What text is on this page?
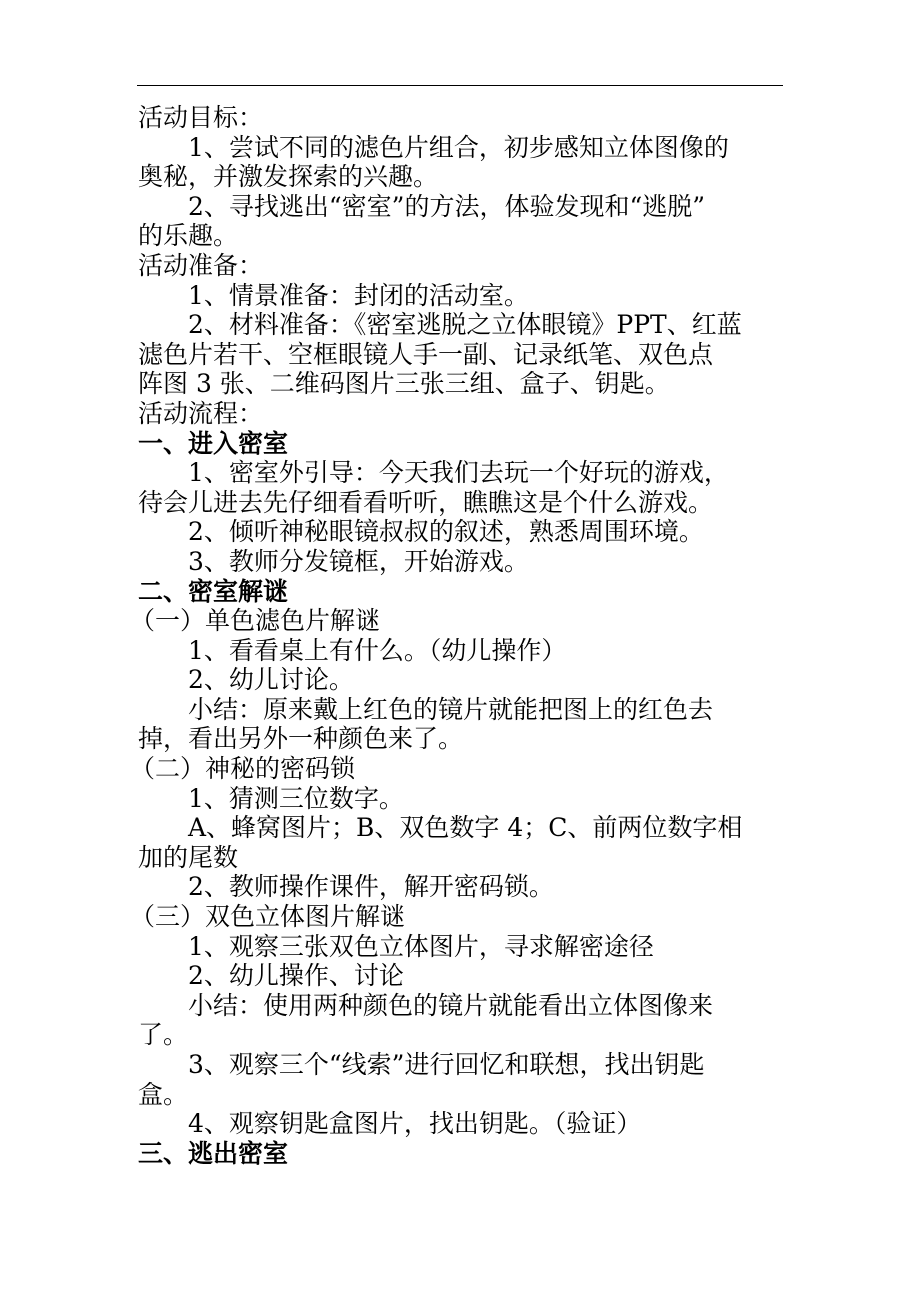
活动目标：
1、尝试不同的滤色片组合，初步感知立体图像的
奥秘，并激发探索的兴趣。
2、寻找逃出“密室”的方法，体验发现和“逃脱”
的乐趣。
活动准备：
1、情景准备：封闭的活动室。
2、材料准备：《密室逃脱之立体眼镜》PPT、红蓝
滤色片若干、空框眼镜人手一副、记录纸笔、双色点
阵图 3 张、二维码图片三张三组、盒子、钥匙。
活动流程：
一、进入密室
1、密室外引导：今天我们去玩一个好玩的游戏，
待会儿进去先仔细看看听听，瞧瞧这是个什么游戏。
2、倾听神秘眼镜叔叔的叙述，熟悉周围环境。
3、教师分发镜框，开始游戏。
二、密室解谜
（一）单色滤色片解谜
1、看看桌上有什么。（幼儿操作）
2、幼儿讨论。
小结：原来戴上红色的镜片就能把图上的红色去
掉，看出另外一种颜色来了。
（二）神秘的密码锁
1、猜测三位数字。
A、蜂窝图片；B、双色数字 4；C、前两位数字相
加的尾数
2、教师操作课件，解开密码锁。
（三）双色立体图片解谜
1、观察三张双色立体图片，寻求解密途径
2、幼儿操作、讨论
小结：使用两种颜色的镜片就能看出立体图像来
了。
3、观察三个“线索”进行回忆和联想，找出钥匙
盒。
4、观察钥匙盒图片，找出钥匙。（验证）
三、逃出密室
